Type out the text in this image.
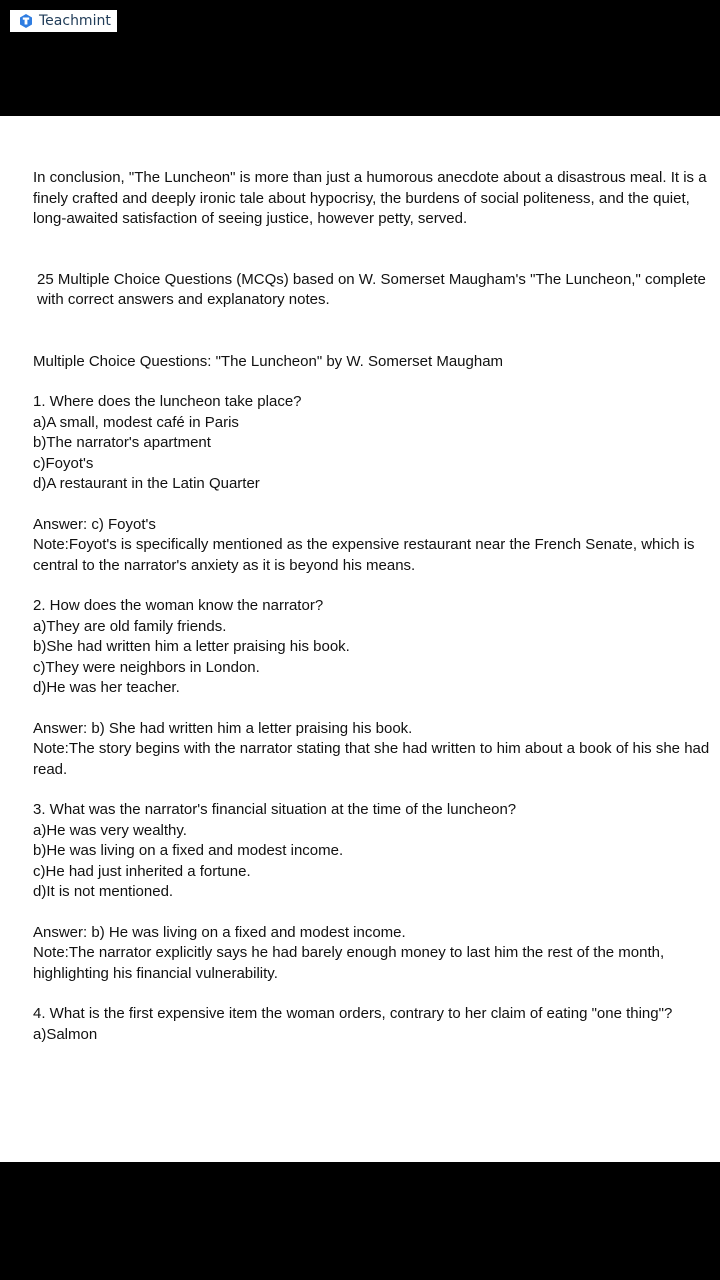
Teachmint

In conclusion, "The Luncheon" is more than just a humorous anecdote about a disastrous meal. It is a finely crafted and deeply ironic tale about hypocrisy, the burdens of social politeness, and the quiet, long-awaited satisfaction of seeing justice, however petty, served.

25 Multiple Choice Questions (MCQs) based on W. Somerset Maugham's "The Luncheon," complete with correct answers and explanatory notes.

Multiple Choice Questions: "The Luncheon" by W. Somerset Maugham

1. Where does the luncheon take place?

a)A small, modest café in Paris

b)The narrator's apartment

c)Foyot's

d)A restaurant in the Latin Quarter

Answer: c) Foyot's

Note:Foyot's is specifically mentioned as the expensive restaurant near the French Senate, which is central to the narrator's anxiety as it is beyond his means.

2. How does the woman know the narrator?

a)They are old family friends.

b)She had written him a letter praising his book.

c)They were neighbors in London.

d)He was her teacher.

Answer: b) She had written him a letter praising his book.

Note:The story begins with the narrator stating that she had written to him about a book of his she had read.

3. What was the narrator's financial situation at the time of the luncheon?

a)He was very wealthy.

b)He was living on a fixed and modest income.

c)He had just inherited a fortune.

d)It is not mentioned.

Answer: b) He was living on a fixed and modest income.

Note:The narrator explicitly says he had barely enough money to last him the rest of the month, highlighting his financial vulnerability.

4. What is the first expensive item the woman orders, contrary to her claim of eating "one thing"?

a)Salmon
